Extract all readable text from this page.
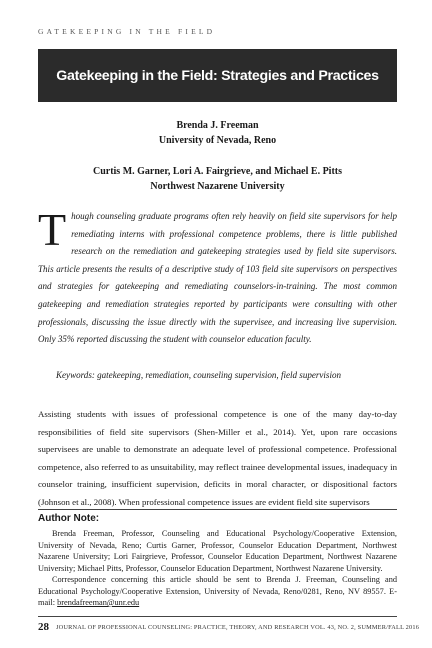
GATEKEEPING IN THE FIELD
Gatekeeping in the Field: Strategies and Practices
Brenda J. Freeman
University of Nevada, Reno
Curtis M. Garner, Lori A. Fairgrieve, and Michael E. Pitts
Northwest Nazarene University
Though counseling graduate programs often rely heavily on field site supervisors for help remediating interns with professional competence problems, there is little published research on the remediation and gatekeeping strategies used by field site supervisors. This article presents the results of a descriptive study of 103 field site supervisors on perspectives and strategies for gatekeeping and remediating counselors-in-training. The most common gatekeeping and remediation strategies reported by participants were consulting with other professionals, discussing the issue directly with the supervisee, and increasing live supervision. Only 35% reported discussing the student with counselor education faculty.
Keywords: gatekeeping, remediation, counseling supervision, field supervision
Assisting students with issues of professional competence is one of the many day-to-day responsibilities of field site supervisors (Shen-Miller et al., 2014). Yet, upon rare occasions supervisees are unable to demonstrate an adequate level of professional competence. Professional competence, also referred to as unsuitability, may reflect trainee developmental issues, inadequacy in counselor training, insufficient supervision, deficits in moral character, or dispositional factors (Johnson et al., 2008). When professional competence issues are evident field site supervisors
Author Note:

Brenda Freeman, Professor, Counseling and Educational Psychology/Cooperative Extension, University of Nevada, Reno; Curtis Garner, Professor, Counselor Education Department, Northwest Nazarene University; Lori Fairgrieve, Professor, Counselor Education Department, Northwest Nazarene University; Michael Pitts, Professor, Counselor Education Department, Northwest Nazarene University.

Correspondence concerning this article should be sent to Brenda J. Freeman, Counseling and Educational Psychology/Cooperative Extension, University of Nevada, Reno/0281, Reno, NV 89557. E-mail: brendafreeman@unr.edu

28 JOURNAL OF PROFESSIONAL COUNSELING: PRACTICE, THEORY, AND RESEARCH VOL. 43, NO. 2, SUMMER/FALL 2016
